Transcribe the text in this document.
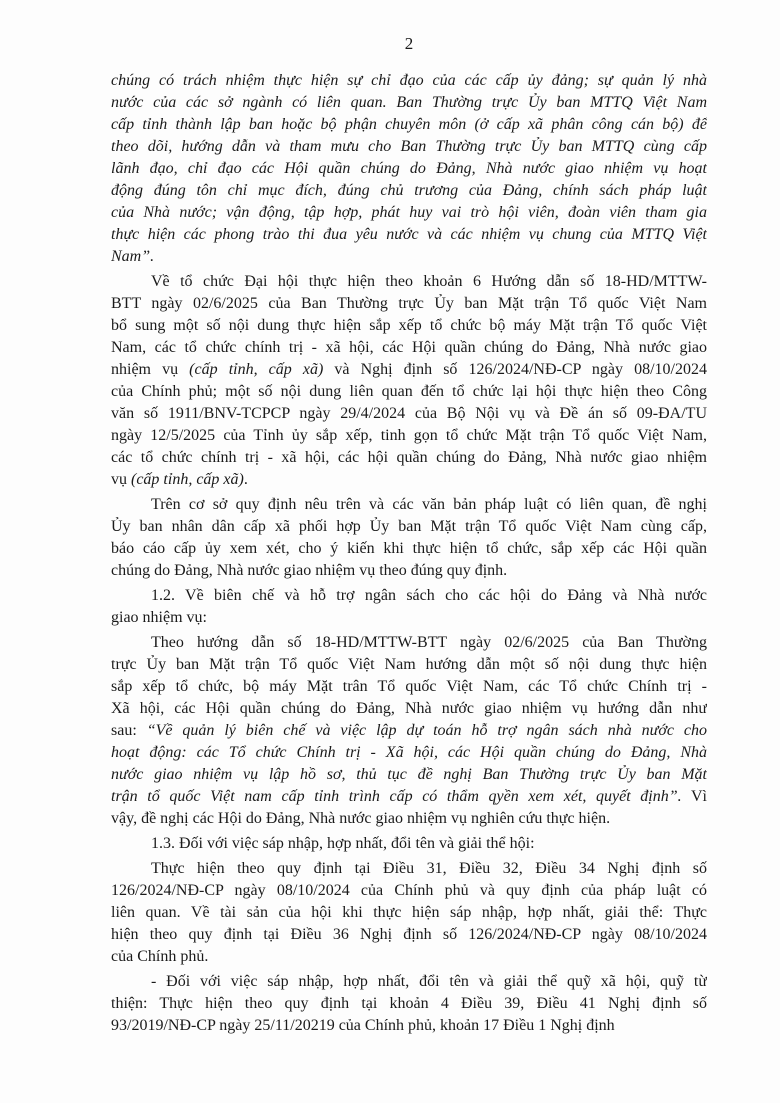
2
chúng có trách nhiệm thực hiện sự chỉ đạo của các cấp ủy đảng; sự quản lý nhà
nước của các sở ngành có liên quan. Ban Thường trực Ủy ban MTTQ Việt Nam
cấp tỉnh thành lập ban hoặc bộ phận chuyên môn (ở cấp xã phân công cán bộ) để
theo dõi, hướng dẫn và tham mưu cho Ban Thường trực Ủy ban MTTQ cùng cấp
lãnh đạo, chỉ đạo các Hội quần chúng do Đảng, Nhà nước giao nhiệm vụ hoạt
động đúng tôn chỉ mục đích, đúng chủ trương của Đảng, chính sách pháp luật
của Nhà nước; vận động, tập hợp, phát huy vai trò hội viên, đoàn viên tham gia
thực hiện các phong trào thi đua yêu nước và các nhiệm vụ chung của MTTQ Việt
Nam”.
Về tổ chức Đại hội thực hiện theo khoản 6 Hướng dẫn số 18-HD/MTTW-
BTT ngày 02/6/2025 của Ban Thường trực Ủy ban Mặt trận Tổ quốc Việt Nam
bổ sung một số nội dung thực hiện sắp xếp tổ chức bộ máy Mặt trận Tổ quốc Việt
Nam, các tổ chức chính trị - xã hội, các Hội quần chúng do Đảng, Nhà nước giao
nhiệm vụ (cấp tỉnh, cấp xã) và Nghị định số 126/2024/NĐ-CP ngày 08/10/2024
của Chính phủ; một số nội dung liên quan đến tổ chức lại hội thực hiện theo Công
văn số 1911/BNV-TCPCP ngày 29/4/2024 của Bộ Nội vụ và Đề án số 09-ĐA/TU
ngày 12/5/2025 của Tỉnh ủy sắp xếp, tinh gọn tổ chức Mặt trận Tổ quốc Việt Nam,
các tổ chức chính trị - xã hội, các hội quần chúng do Đảng, Nhà nước giao nhiệm
vụ (cấp tỉnh, cấp xã).
Trên cơ sở quy định nêu trên và các văn bản pháp luật có liên quan, đề nghị
Ủy ban nhân dân cấp xã phối hợp Ủy ban Mặt trận Tổ quốc Việt Nam cùng cấp,
báo cáo cấp ủy xem xét, cho ý kiến khi thực hiện tổ chức, sắp xếp các Hội quần
chúng do Đảng, Nhà nước giao nhiệm vụ theo đúng quy định.
1.2. Về biên chế và hỗ trợ ngân sách cho các hội do Đảng và Nhà nước
giao nhiệm vụ:
Theo hướng dẫn số 18-HD/MTTW-BTT ngày 02/6/2025 của Ban Thường
trực Ủy ban Mặt trận Tổ quốc Việt Nam hướng dẫn một số nội dung thực hiện
sắp xếp tổ chức, bộ máy Mặt trân Tổ quốc Việt Nam, các Tổ chức Chính trị -
Xã hội, các Hội quần chúng do Đảng, Nhà nước giao nhiệm vụ hướng dẫn như
sau: “Về quản lý biên chế và việc lập dự toán hỗ trợ ngân sách nhà nước cho
hoạt động: các Tổ chức Chính trị - Xã hội, các Hội quần chúng do Đảng, Nhà
nước giao nhiệm vụ lập hồ sơ, thủ tục đề nghị Ban Thường trực Ủy ban Mặt
trận tổ quốc Việt nam cấp tỉnh trình cấp có thẩm qyền xem xét, quyết định”. Vì
vậy, đề nghị các Hội do Đảng, Nhà nước giao nhiệm vụ nghiên cứu thực hiện.
1.3. Đối với việc sáp nhập, hợp nhất, đổi tên và giải thể hội:
Thực hiện theo quy định tại Điều 31, Điều 32, Điều 34 Nghị định số
126/2024/NĐ-CP ngày 08/10/2024 của Chính phủ và quy định của pháp luật có
liên quan. Về tài sản của hội khi thực hiện sáp nhập, hợp nhất, giải thể: Thực
hiện theo quy định tại Điều 36 Nghị định số 126/2024/NĐ-CP ngày 08/10/2024
của Chính phủ.
- Đối với việc sáp nhập, hợp nhất, đổi tên và giải thể quỹ xã hội, quỹ từ
thiện: Thực hiện theo quy định tại khoản 4 Điều 39, Điều 41 Nghị định số
93/2019/NĐ-CP ngày 25/11/20219 của Chính phủ, khoản 17 Điều 1 Nghị định
